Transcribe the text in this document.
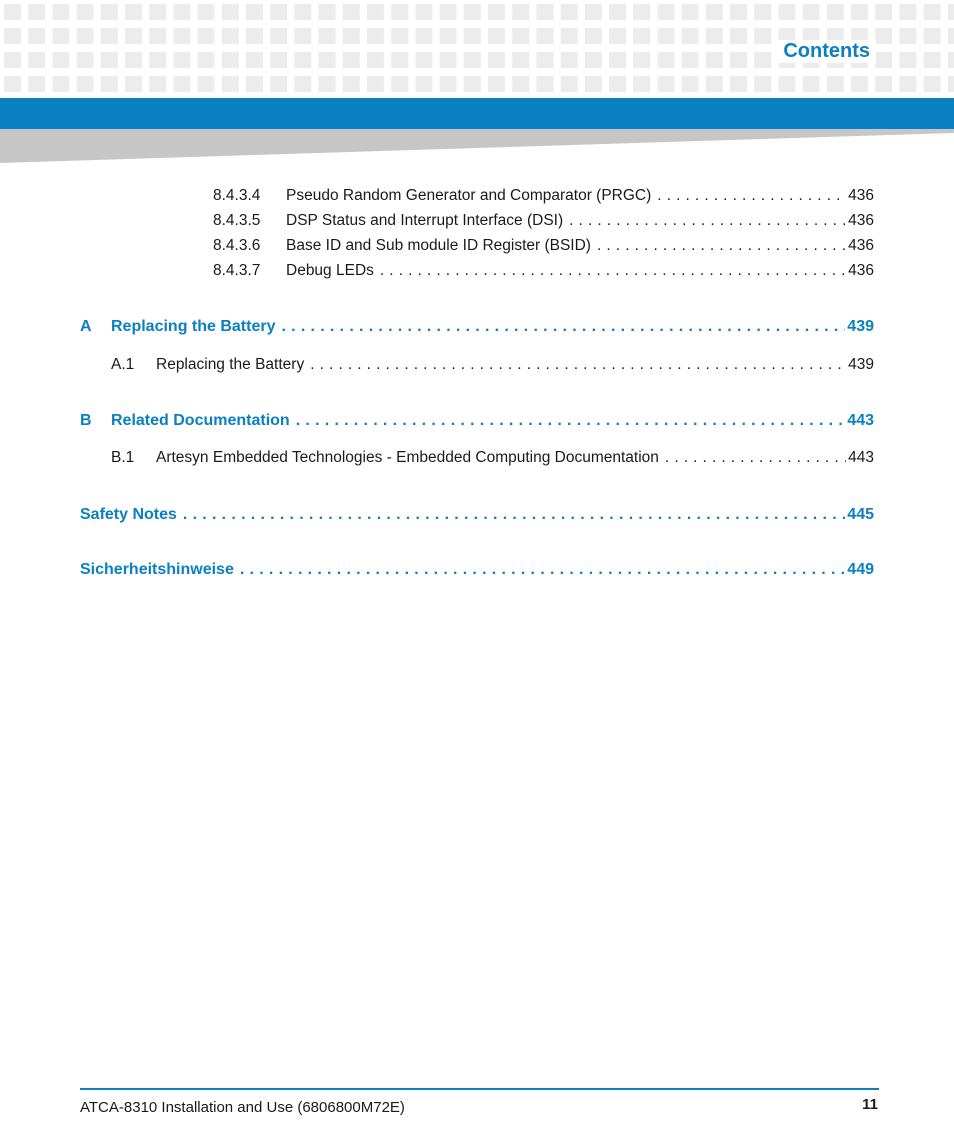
Contents
8.4.3.4	Pseudo Random Generator and Comparator (PRGC) . . .	436
8.4.3.5	DSP Status and Interrupt Interface (DSI) . . .	436
8.4.3.6	Base ID and Sub module ID Register (BSID) . . .	436
8.4.3.7	Debug LEDs . . .	436
A	Replacing the Battery . . .	439
A.1	Replacing the Battery . . .	439
B	Related Documentation . . .	443
B.1	Artesyn Embedded Technologies - Embedded Computing Documentation . . .	443
Safety Notes . . .	445
Sicherheitshinweise . . .	449
ATCA-8310 Installation and Use (6806800M72E)	11
